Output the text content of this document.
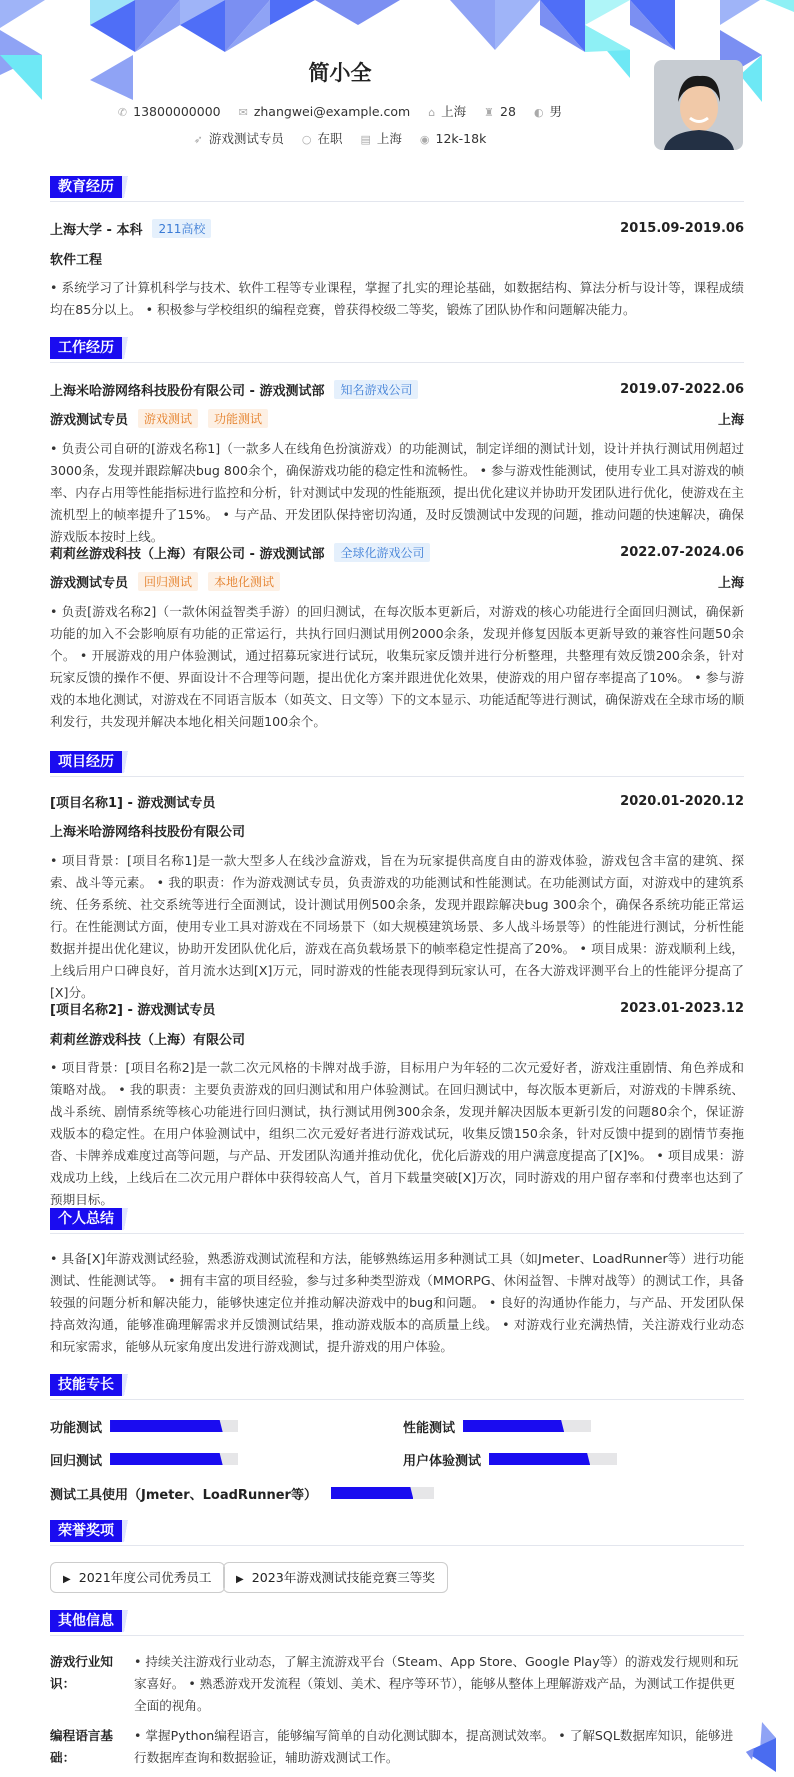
简小全
✆ 13800000000 ✉ zhangwei@example.com ⌂ 上海 ♜ 28 ◐ 男
➶ 游戏测试专员 ○ 在职 ▤ 上海 ◉ 12k-18k
教育经历
上海大学 - 本科	211高校	2015.09-2019.06
软件工程
• 系统学习了计算机科学与技术、软件工程等专业课程，掌握了扎实的理论基础，如数据结构、算法分析与设计等，课程成绩均在85分以上。 • 积极参与学校组织的编程竞赛，曾获得校级二等奖，锻炼了团队协作和问题解决能力。
工作经历
上海米哈游网络科技股份有限公司 - 游戏测试部	知名游戏公司	2019.07-2022.06
游戏测试专员	游戏测试	功能测试	上海
• 负责公司自研的[游戏名称1]（一款多人在线角色扮演游戏）的功能测试，制定详细的测试计划，设计并执行测试用例超过3000条，发现并跟踪解决bug 800余个，确保游戏功能的稳定性和流畅性。 • 参与游戏性能测试，使用专业工具对游戏的帧率、内存占用等性能指标进行监控和分析，针对测试中发现的性能瓶颈，提出优化建议并协助开发团队进行优化，使游戏在主流机型上的帧率提升了15%。 • 与产品、开发团队保持密切沟通，及时反馈测试中发现的问题，推动问题的快速解决，确保游戏版本按时上线。
莉莉丝游戏科技（上海）有限公司 - 游戏测试部	全球化游戏公司	2022.07-2024.06
游戏测试专员	回归测试	本地化测试	上海
• 负责[游戏名称2]（一款休闲益智类手游）的回归测试，在每次版本更新后，对游戏的核心功能进行全面回归测试，确保新功能的加入不会影响原有功能的正常运行，共执行回归测试用例2000余条，发现并修复因版本更新导致的兼容性问题50余个。 • 开展游戏的用户体验测试，通过招募玩家进行试玩，收集玩家反馈并进行分析整理，共整理有效反馈200余条，针对玩家反馈的操作不便、界面设计不合理等问题，提出优化方案并跟进优化效果，使游戏的用户留存率提高了10%。 • 参与游戏的本地化测试，对游戏在不同语言版本（如英文、日文等）下的文本显示、功能适配等进行测试，确保游戏在全球市场的顺利发行，共发现并解决本地化相关问题100余个。
项目经历
[项目名称1] - 游戏测试专员	2020.01-2020.12
上海米哈游网络科技股份有限公司
• 项目背景：[项目名称1]是一款大型多人在线沙盒游戏，旨在为玩家提供高度自由的游戏体验，游戏包含丰富的建筑、探索、战斗等元素。 • 我的职责：作为游戏测试专员，负责游戏的功能测试和性能测试。在功能测试方面，对游戏中的建筑系统、任务系统、社交系统等进行全面测试，设计测试用例500余条，发现并跟踪解决bug 300余个，确保各系统功能正常运行。在性能测试方面，使用专业工具对游戏在不同场景下（如大规模建筑场景、多人战斗场景等）的性能进行测试，分析性能数据并提出优化建议，协助开发团队优化后，游戏在高负载场景下的帧率稳定性提高了20%。 • 项目成果：游戏顺利上线，上线后用户口碑良好，首月流水达到[X]万元，同时游戏的性能表现得到玩家认可，在各大游戏评测平台上的性能评分提高了[X]分。
[项目名称2] - 游戏测试专员	2023.01-2023.12
莉莉丝游戏科技（上海）有限公司
• 项目背景：[项目名称2]是一款二次元风格的卡牌对战手游，目标用户为年轻的二次元爱好者，游戏注重剧情、角色养成和策略对战。 • 我的职责：主要负责游戏的回归测试和用户体验测试。在回归测试中，每次版本更新后，对游戏的卡牌系统、战斗系统、剧情系统等核心功能进行回归测试，执行测试用例300余条，发现并解决因版本更新引发的问题80余个，保证游戏版本的稳定性。在用户体验测试中，组织二次元爱好者进行游戏试玩，收集反馈150余条，针对反馈中提到的剧情节奏拖沓、卡牌养成难度过高等问题，与产品、开发团队沟通并推动优化，优化后游戏的用户满意度提高了[X]%。 • 项目成果：游戏成功上线，上线后在二次元用户群体中获得较高人气，首月下载量突破[X]万次，同时游戏的用户留存率和付费率也达到了预期目标。
个人总结
• 具备[X]年游戏测试经验，熟悉游戏测试流程和方法，能够熟练运用多种测试工具（如Jmeter、LoadRunner等）进行功能测试、性能测试等。 • 拥有丰富的项目经验，参与过多种类型游戏（MMORPG、休闲益智、卡牌对战等）的测试工作，具备较强的问题分析和解决能力，能够快速定位并推动解决游戏中的bug和问题。 • 良好的沟通协作能力，与产品、开发团队保持高效沟通，能够准确理解需求并反馈测试结果，推动游戏版本的高质量上线。 • 对游戏行业充满热情，关注游戏行业动态和玩家需求，能够从玩家角度出发进行游戏测试，提升游戏的用户体验。
技能专长
功能测试	性能测试
回归测试	用户体验测试
测试工具使用（Jmeter、LoadRunner等）
荣誉奖项
▶ 2021年度公司优秀员工	▶ 2023年游戏测试技能竞赛三等奖
其他信息
游戏行业知识：
• 持续关注游戏行业动态，了解主流游戏平台（Steam、App Store、Google Play等）的游戏发行规则和玩家喜好。 • 熟悉游戏开发流程（策划、美术、程序等环节），能够从整体上理解游戏产品，为测试工作提供更全面的视角。
编程语言基础：
• 掌握Python编程语言，能够编写简单的自动化测试脚本，提高测试效率。 • 了解SQL数据库知识，能够进行数据库查询和数据验证，辅助游戏测试工作。
